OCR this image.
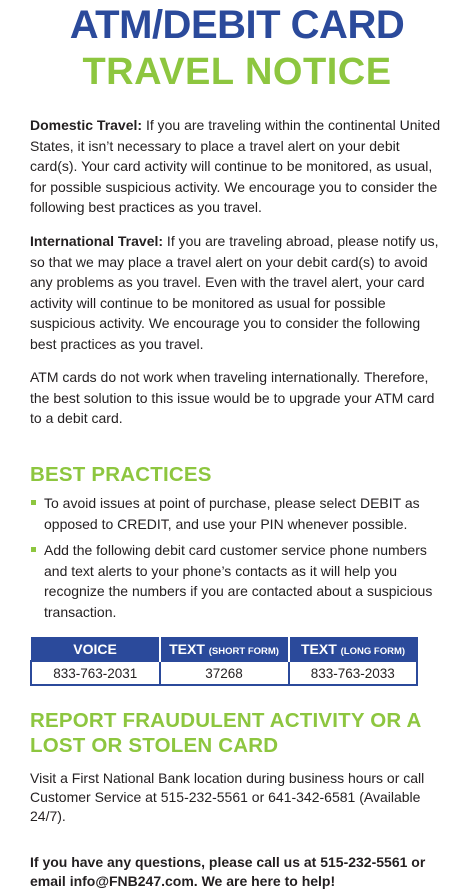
ATM/DEBIT CARD
TRAVEL NOTICE

Domestic Travel: If you are traveling within the continental United States, it isn’t necessary to place a travel alert on your debit card(s). Your card activity will continue to be monitored, as usual, for possible suspicious activity. We encourage you to consider the following best practices as you travel.

International Travel: If you are traveling abroad, please notify us, so that we may place a travel alert on your debit card(s) to avoid any problems as you travel. Even with the travel alert, your card activity will continue to be monitored as usual for possible suspicious activity. We encourage you to consider the following best practices as you travel.

ATM cards do not work when traveling internationally. Therefore, the best solution to this issue would be to upgrade your ATM card to a debit card.

BEST PRACTICES
To avoid issues at point of purchase, please select DEBIT as opposed to CREDIT, and use your PIN whenever possible.
Add the following debit card customer service phone numbers and text alerts to your phone’s contacts as it will help you recognize the numbers if you are contacted about a suspicious transaction.
VOICE	TEXT (SHORT FORM)	TEXT (LONG FORM)
833-763-2031	37268	833-763-2033
REPORT FRAUDULENT ACTIVITY OR A
LOST OR STOLEN CARD

Visit a First National Bank location during business hours or call Customer Service at 515-232-5561 or 641-342-6581 (Available 24/7).

If you have any questions, please call us at 515-232-5561 or email info@FNB247.com. We are here to help!
